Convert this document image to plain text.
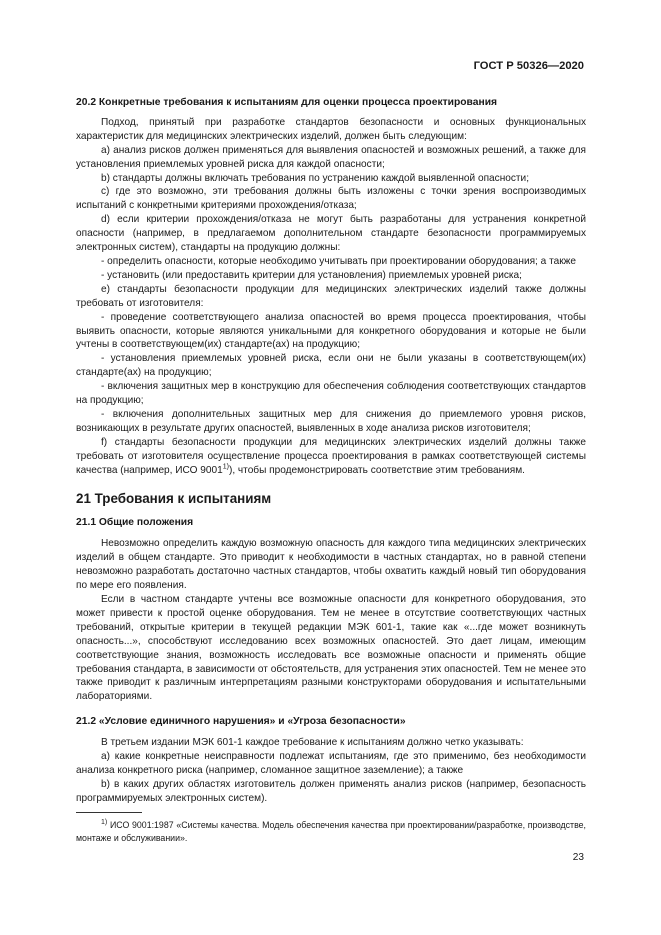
ГОСТ Р 50326—2020

20.2 Конкретные требования к испытаниям для оценки процесса проектирования

Подход, принятый при разработке стандартов безопасности и основных функциональных характеристик для медицинских электрических изделий, должен быть следующим:

a) анализ рисков должен применяться для выявления опасностей и возможных решений, а также для установления приемлемых уровней риска для каждой опасности;

b) стандарты должны включать требования по устранению каждой выявленной опасности;

c) где это возможно, эти требования должны быть изложены с точки зрения воспроизводимых испытаний с конкретными критериями прохождения/отказа;

d) если критерии прохождения/отказа не могут быть разработаны для устранения конкретной опасности (например, в предлагаемом дополнительном стандарте безопасности программируемых электронных систем), стандарты на продукцию должны:

- определить опасности, которые необходимо учитывать при проектировании оборудования; а также

- установить (или предоставить критерии для установления) приемлемых уровней риска;

e) стандарты безопасности продукции для медицинских электрических изделий также должны требовать от изготовителя:

- проведение соответствующего анализа опасностей во время процесса проектирования, чтобы выявить опасности, которые являются уникальными для конкретного оборудования и которые не были учтены в соответствующем(их) стандарте(ах) на продукцию;

- установления приемлемых уровней риска, если они не были указаны в соответствующем(их) стандарте(ах) на продукцию;

- включения защитных мер в конструкцию для обеспечения соблюдения соответствующих стандартов на продукцию;

- включения дополнительных защитных мер для снижения до приемлемого уровня рисков, возникающих в результате других опасностей, выявленных в ходе анализа рисков изготовителя;

f) стандарты безопасности продукции для медицинских электрических изделий должны также требовать от изготовителя осуществление процесса проектирования в рамках соответствующей системы качества (например, ИСО 9001$^{1)}$), чтобы продемонстрировать соответствие этим требованиям.

21 Требования к испытаниям

21.1 Общие положения

Невозможно определить каждую возможную опасность для каждого типа медицинских электрических изделий в общем стандарте. Это приводит к необходимости в частных стандартах, но в равной степени невозможно разработать достаточно частных стандартов, чтобы охватить каждый новый тип оборудования по мере его появления.

Если в частном стандарте учтены все возможные опасности для конкретного оборудования, это может привести к простой оценке оборудования. Тем не менее в отсутствие соответствующих частных требований, открытые критерии в текущей редакции МЭК 601-1, такие как «...где может возникнуть опасность...», способствуют исследованию всех возможных опасностей. Это дает лицам, имеющим соответствующие знания, возможность исследовать все возможные опасности и применять общие требования стандарта, в зависимости от обстоятельств, для устранения этих опасностей. Тем не менее это также приводит к различным интерпретациям разными конструкторами оборудования и испытательными лабораториями.

21.2 «Условие единичного нарушения» и «Угроза безопасности»

В третьем издании МЭК 601-1 каждое требование к испытаниям должно четко указывать:

a) какие конкретные неисправности подлежат испытаниям, где это применимо, без необходимости анализа конкретного риска (например, сломанное защитное заземление); а также

b) в каких других областях изготовитель должен применять анализ рисков (например, безопасность программируемых электронных систем).

$^{1)}$ ИСО 9001:1987 «Системы качества. Модель обеспечения качества при проектировании/разработке, производстве, монтаже и обслуживании».
23
